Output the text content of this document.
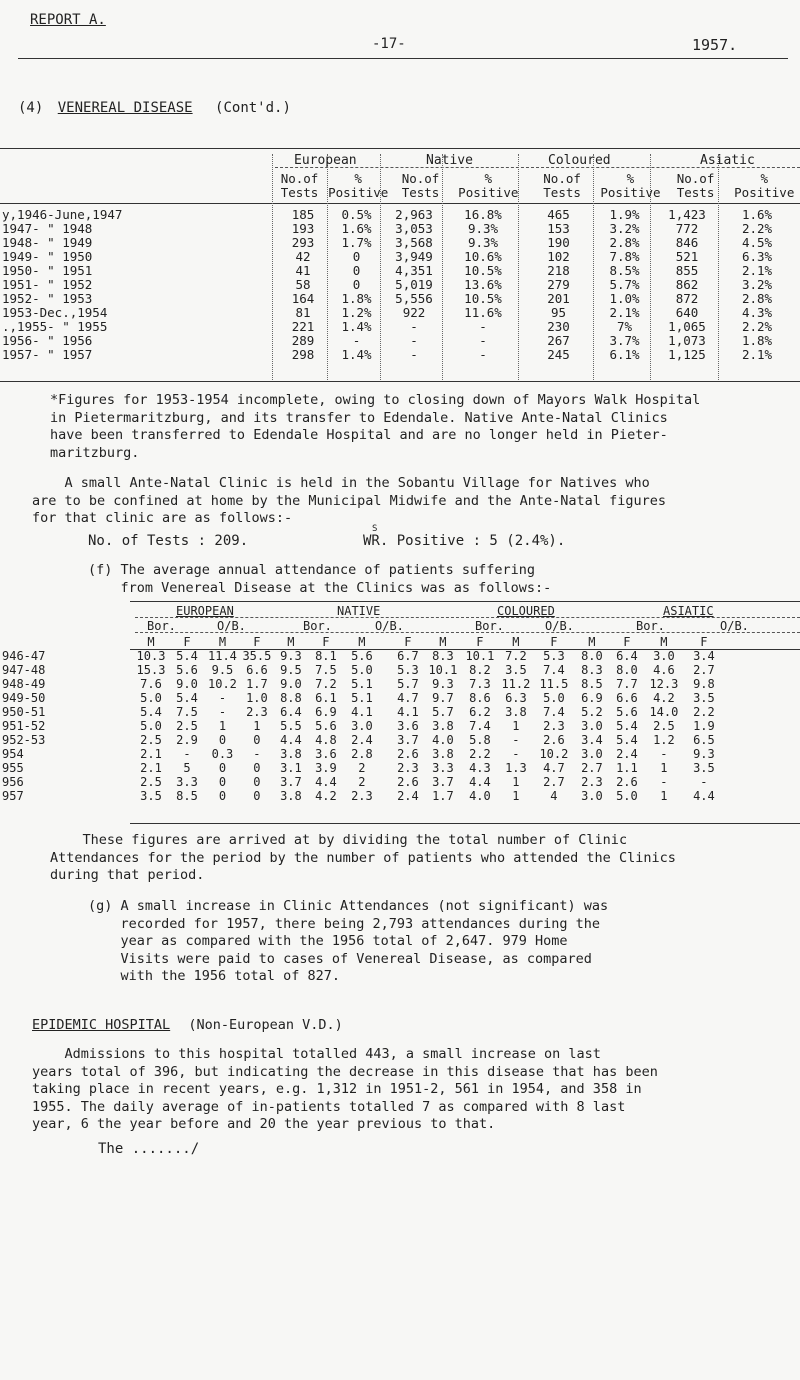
REPORT A.
-17-	1957.
(4) VENEREAL DISEASE (Cont'd.)
European	Native	Coloured	Asiatic
No.of	%	No.of	%	No.of	%	No.of	%
Tests	Positive	Tests	Positive	Tests	Positive	Tests	Positive
y,1946-June,1947	185	0.5%	2,963	16.8%	465	1.9%	1,423	1.6%
1947- " 1948	193	1.6%	3,053	9.3%	153	3.2%	772	2.2%
1948- " 1949	293	1.7%	3,568	9.3%	190	2.8%	846	4.5%
1949- " 1950	42	0	3,949	10.6%	102	7.8%	521	6.3%
1950- " 1951	41	0	4,351	10.5%	218	8.5%	855	2.1%
1951- " 1952	58	0	5,019	13.6%	279	5.7%	862	3.2%
1952- " 1953	164	1.8%	5,556	10.5%	201	1.0%	872	2.8%
1953-Dec.,1954	81	1.2%	922	11.6%	95	2.1%	640	4.3%
.,1955- " 1955	221	1.4%	-	-	230	7%	1,065	2.2%
1956- " 1956	289	-	-	-	267	3.7%	1,073	1.8%
1957- " 1957	298	1.4%	-	-	245	6.1%	1,125	2.1%

*Figures for 1953-1954 incomplete, owing to closing down of Mayors Walk Hospital
in Pietermaritzburg, and its transfer to Edendale. Native Ante-Natal Clinics
have been transferred to Edendale Hospital and are no longer held in Pieter-
maritzburg.

A small Ante-Natal Clinic is held in the Sobantu Village for Natives who
are to be confined at home by the Municipal Midwife and the Ante-Natal figures
for that clinic are as follows:-

No. of Tests : 209.
S
WR. Positive : 5 (2.4%).

(f) The average annual attendance of patients suffering
from Venereal Disease at the Clinics was as follows:-

EUROPEAN	NATIVE	COLOURED	ASIATIC
Bor.	O/B.	Bor.	O/B.	Bor.	O/B.	Bor.	O/B.
	M	F	M	F	M	F	M		F	M	F	M	F	M	F	M	F
946-47	10.3	5.4	11.4	35.5	9.3	8.1	5.6		6.7	8.3	10.1	7.2	5.3	8.0	6.4	3.0	3.4
947-48	15.3	5.6	9.5	6.6	9.5	7.5	5.0		5.3	10.1	8.2	3.5	7.4	8.3	8.0	4.6	2.7
948-49	7.6	9.0	10.2	1.7	9.0	7.2	5.1		5.7	9.3	7.3	11.2	11.5	8.5	7.7	12.3	9.8
949-50	5.0	5.4	-	1.0	8.8	6.1	5.1		4.7	9.7	8.6	6.3	5.0	6.9	6.6	4.2	3.5
950-51	5.4	7.5	-	2.3	6.4	6.9	4.1		4.1	5.7	6.2	3.8	7.4	5.2	5.6	14.0	2.2
951-52	5.0	2.5	1	1	5.5	5.6	3.0		3.6	3.8	7.4	1	2.3	3.0	5.4	2.5	1.9
952-53	2.5	2.9	0	0	4.4	4.8	2.4		3.7	4.0	5.8	-	2.6	3.4	5.4	1.2	6.5
954	2.1	-	0.3	-	3.8	3.6	2.8		2.6	3.8	2.2	-	10.2	3.0	2.4	-	9.3
955	2.1	5	0	0	3.1	3.9	2		2.3	3.3	4.3	1.3	4.7	2.7	1.1	1	3.5
956	2.5	3.3	0	0	3.7	4.4	2		2.6	3.7	4.4	1	2.7	2.3	2.6	-	-
957	3.5	8.5	0	0	3.8	4.2	2.3		2.4	1.7	4.0	1	4	3.0	5.0	1	4.4

These figures are arrived at by dividing the total number of Clinic
Attendances for the period by the number of patients who attended the Clinics
during that period.

(g) A small increase in Clinic Attendances (not significant) was
recorded for 1957, there being 2,793 attendances during the
year as compared with the 1956 total of 2,647. 979 Home
Visits were paid to cases of Venereal Disease, as compared
with the 1956 total of 827.

EPIDEMIC HOSPITAL (Non-European V.D.)

Admissions to this hospital totalled 443, a small increase on last
years total of 396, but indicating the decrease in this disease that has been
taking place in recent years, e.g. 1,312 in 1951-2, 561 in 1954, and 358 in
1955. The daily average of in-patients totalled 7 as compared with 8 last
year, 6 the year before and 20 the year previous to that.

The ......./
